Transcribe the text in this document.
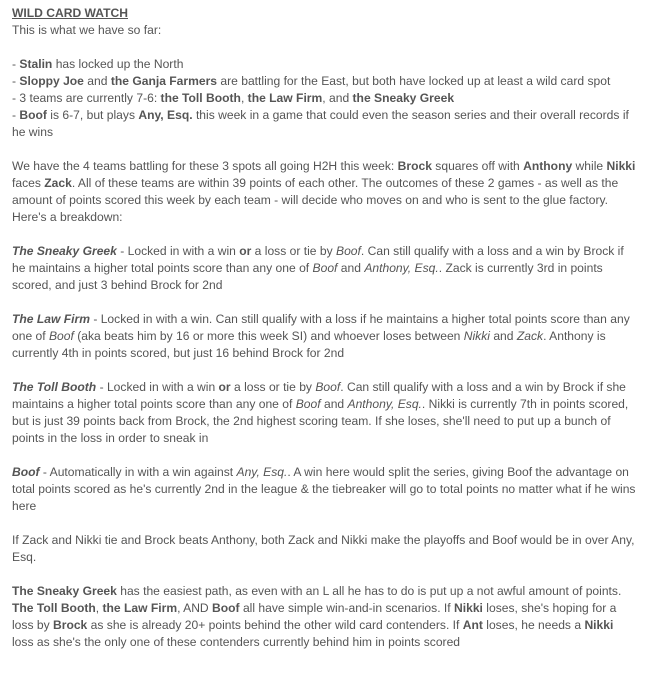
WILD CARD WATCH

This is what we have so far:

- Stalin has locked up the North

- Sloppy Joe and the Ganja Farmers are battling for the East, but both have locked up at least a wild card spot

- 3 teams are currently 7-6: the Toll Booth, the Law Firm, and the Sneaky Greek

- Boof is 6-7, but plays Any, Esq. this week in a game that could even the season series and their overall records if he wins

We have the 4 teams battling for these 3 spots all going H2H this week: Brock squares off with Anthony while Nikki faces Zack. All of these teams are within 39 points of each other. The outcomes of these 2 games - as well as the amount of points scored this week by each team - will decide who moves on and who is sent to the glue factory. Here's a breakdown:

The Sneaky Greek - Locked in with a win or a loss or tie by Boof. Can still qualify with a loss and a win by Brock if he maintains a higher total points score than any one of Boof and Anthony, Esq.. Zack is currently 3rd in points scored, and just 3 behind Brock for 2nd

The Law Firm - Locked in with a win. Can still qualify with a loss if he maintains a higher total points score than any one of Boof (aka beats him by 16 or more this week SI) and whoever loses between Nikki and Zack. Anthony is currently 4th in points scored, but just 16 behind Brock for 2nd

The Toll Booth - Locked in with a win or a loss or tie by Boof. Can still qualify with a loss and a win by Brock if she maintains a higher total points score than any one of Boof and Anthony, Esq.. Nikki is currently 7th in points scored, but is just 39 points back from Brock, the 2nd highest scoring team. If she loses, she'll need to put up a bunch of points in the loss in order to sneak in

Boof - Automatically in with a win against Any, Esq.. A win here would split the series, giving Boof the advantage on total points scored as he's currently 2nd in the league & the tiebreaker will go to total points no matter what if he wins here

If Zack and Nikki tie and Brock beats Anthony, both Zack and Nikki make the playoffs and Boof would be in over Any, Esq.

The Sneaky Greek has the easiest path, as even with an L all he has to do is put up a not awful amount of points. The Toll Booth, the Law Firm, AND Boof all have simple win-and-in scenarios. If Nikki loses, she's hoping for a loss by Brock as she is already 20+ points behind the other wild card contenders. If Ant loses, he needs a Nikki loss as she's the only one of these contenders currently behind him in points scored
